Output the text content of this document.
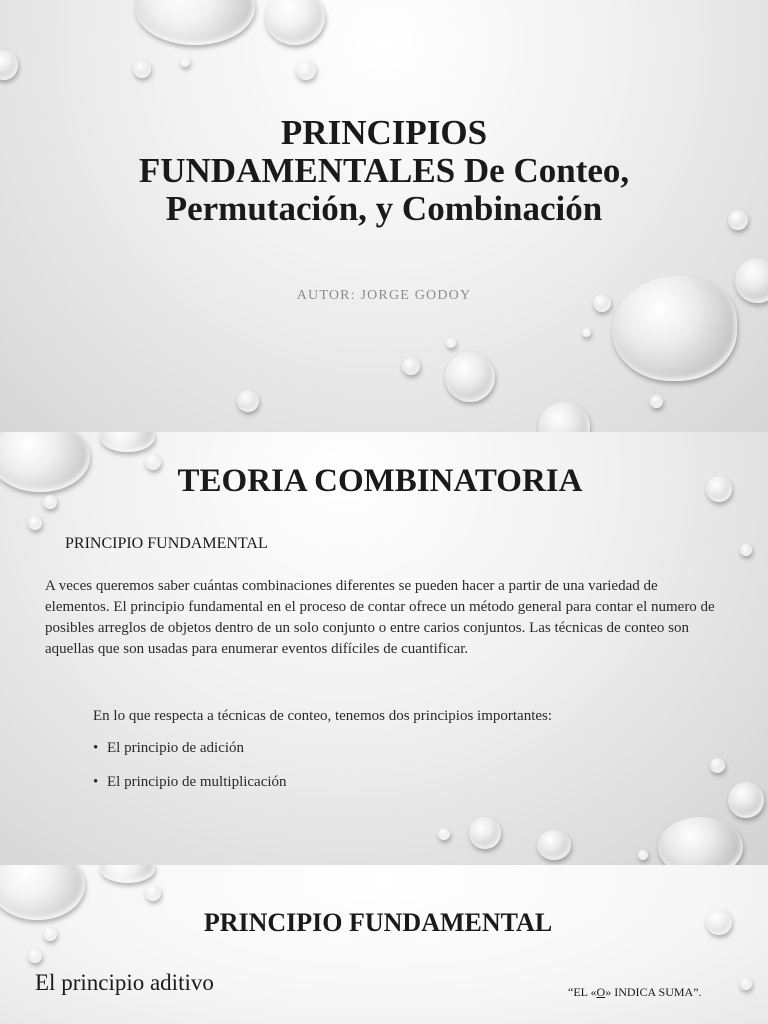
PRINCIPIOS
FUNDAMENTALES De Conteo,
Permutación, y Combinación
AUTOR: JORGE GODOY
TEORIA COMBINATORIA
PRINCIPIO FUNDAMENTAL

A veces queremos saber cuántas combinaciones diferentes se pueden hacer a partir de una variedad de elementos. El principio fundamental en el proceso de contar ofrece un método general para contar el numero de posibles arreglos de objetos dentro de un solo conjunto o entre carios conjuntos. Las técnicas de conteo son aquellas que son usadas para enumerar eventos difíciles de cuantificar.

En lo que respecta a técnicas de conteo, tenemos dos principios importantes:

• El principio de adición
• El principio de multiplicación
PRINCIPIO FUNDAMENTAL
El principio aditivo	“EL «O» INDICA SUMA”.
